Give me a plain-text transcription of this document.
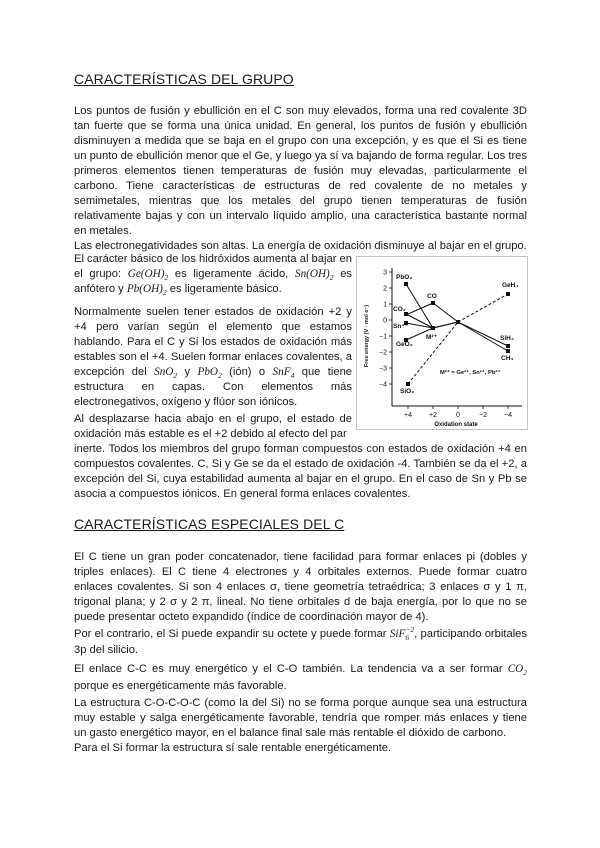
CARACTERÍSTICAS DEL GRUPO

Los puntos de fusión y ebullición en el C son muy elevados, forma una red covalente 3D tan fuerte que se forma una única unidad. En general, los puntos de fusión y ebullición disminuyen a medida que se baja en el grupo con una excepción, y es que el Si es tiene un punto de ebullición menor que el Ge, y luego ya sí va bajando de forma regular. Los tres primeros elementos tienen temperaturas de fusión muy elevadas, particularmente el carbono. Tiene características de estructuras de red covalente de no metales y semimetales, mientras que los metales del grupo tienen temperaturas de fusión relativamente bajas y con un intervalo líquido amplio, una característica bastante normal en metales.

Las electronegatividades son altas. La energía de oxidación disminuye al bajar en el grupo.

El carácter básico de los hidróxidos aumenta al bajar en
el grupo: $Ge(OH)_2$ es ligeramente ácido, $Sn(OH)_2$ es anfótero y $Pb(OH)_2$ es ligeramente básico.

Normalmente suelen tener estados de oxidación +2 y +4 pero varían según el elemento que estamos hablando. Para el C y Si los estados de oxidación más estables son el +4. Suelen formar enlaces covalentes, a excepción del SnO$_2$ y PbO$_2$ (ión) o SnF$_4$ que tiene estructura en capas. Con elementos más electronegativos, oxígeno y flúor son iónicos.

Al desplazarse hacia abajo en el grupo, el estado de oxidación más estable es el +2 debido al efecto del par

inerte. Todos los miembros del grupo forman compuestos con estados de oxidación +4 en compuestos covalentes. C, Si y Ge se da el estado de oxidación -4. También se da el +2, a excepción del Si, cuya estabilidad aumenta al bajar en el grupo. En el caso de Sn y Pb se asocia a compuestos iónicos. En general forma enlaces covalentes.

3
2
1
0
−1
−2
−3
−4
Free energy (V · mol e⁻)
+4 +2	0	−2 −4
Oxidation state
PbO₂
CO
CO₂
Sn⁴⁺
GeO₂
M²⁺
GeH₄
SiH₄
CH₄
SiO₂
M²⁺ = Ge²⁺, Sn²⁺, Pb²⁺
CARACTERÍSTICAS ESPECIALES DEL C

El C tiene un gran poder concatenador, tiene facilidad para formar enlaces pi (dobles y triples enlaces). El C tiene 4 electrones y 4 orbitales externos. Puede formar cuatro enlaces covalentes. Si son 4 enlaces σ, tiene geometría tetraédrica; 3 enlaces σ y 1 π, trigonal plana; y 2 σ y 2 π, lineal. No tiene orbitales d de baja energía, por lo que no se puede presentar octeto expandido (índice de coordinación mayor de 4).

Por el contrario, el Si puede expandir su octete y puede formar SiF −2
6 , participando orbitales 3p del silicio.

El enlace C-C es muy energético y el C-O también. La tendencia va a ser formar $CO_2$ porque es energéticamente más favorable.

La estructura C-O-C-O-C (como la del Si) no se forma porque aunque sea una estructura muy estable y salga energéticamente favorable, tendría que romper más enlaces y tiene un gasto energético mayor, en el balance final sale más rentable el dióxido de carbono.

Para el Si formar la estructura sí sale rentable energéticamente.
